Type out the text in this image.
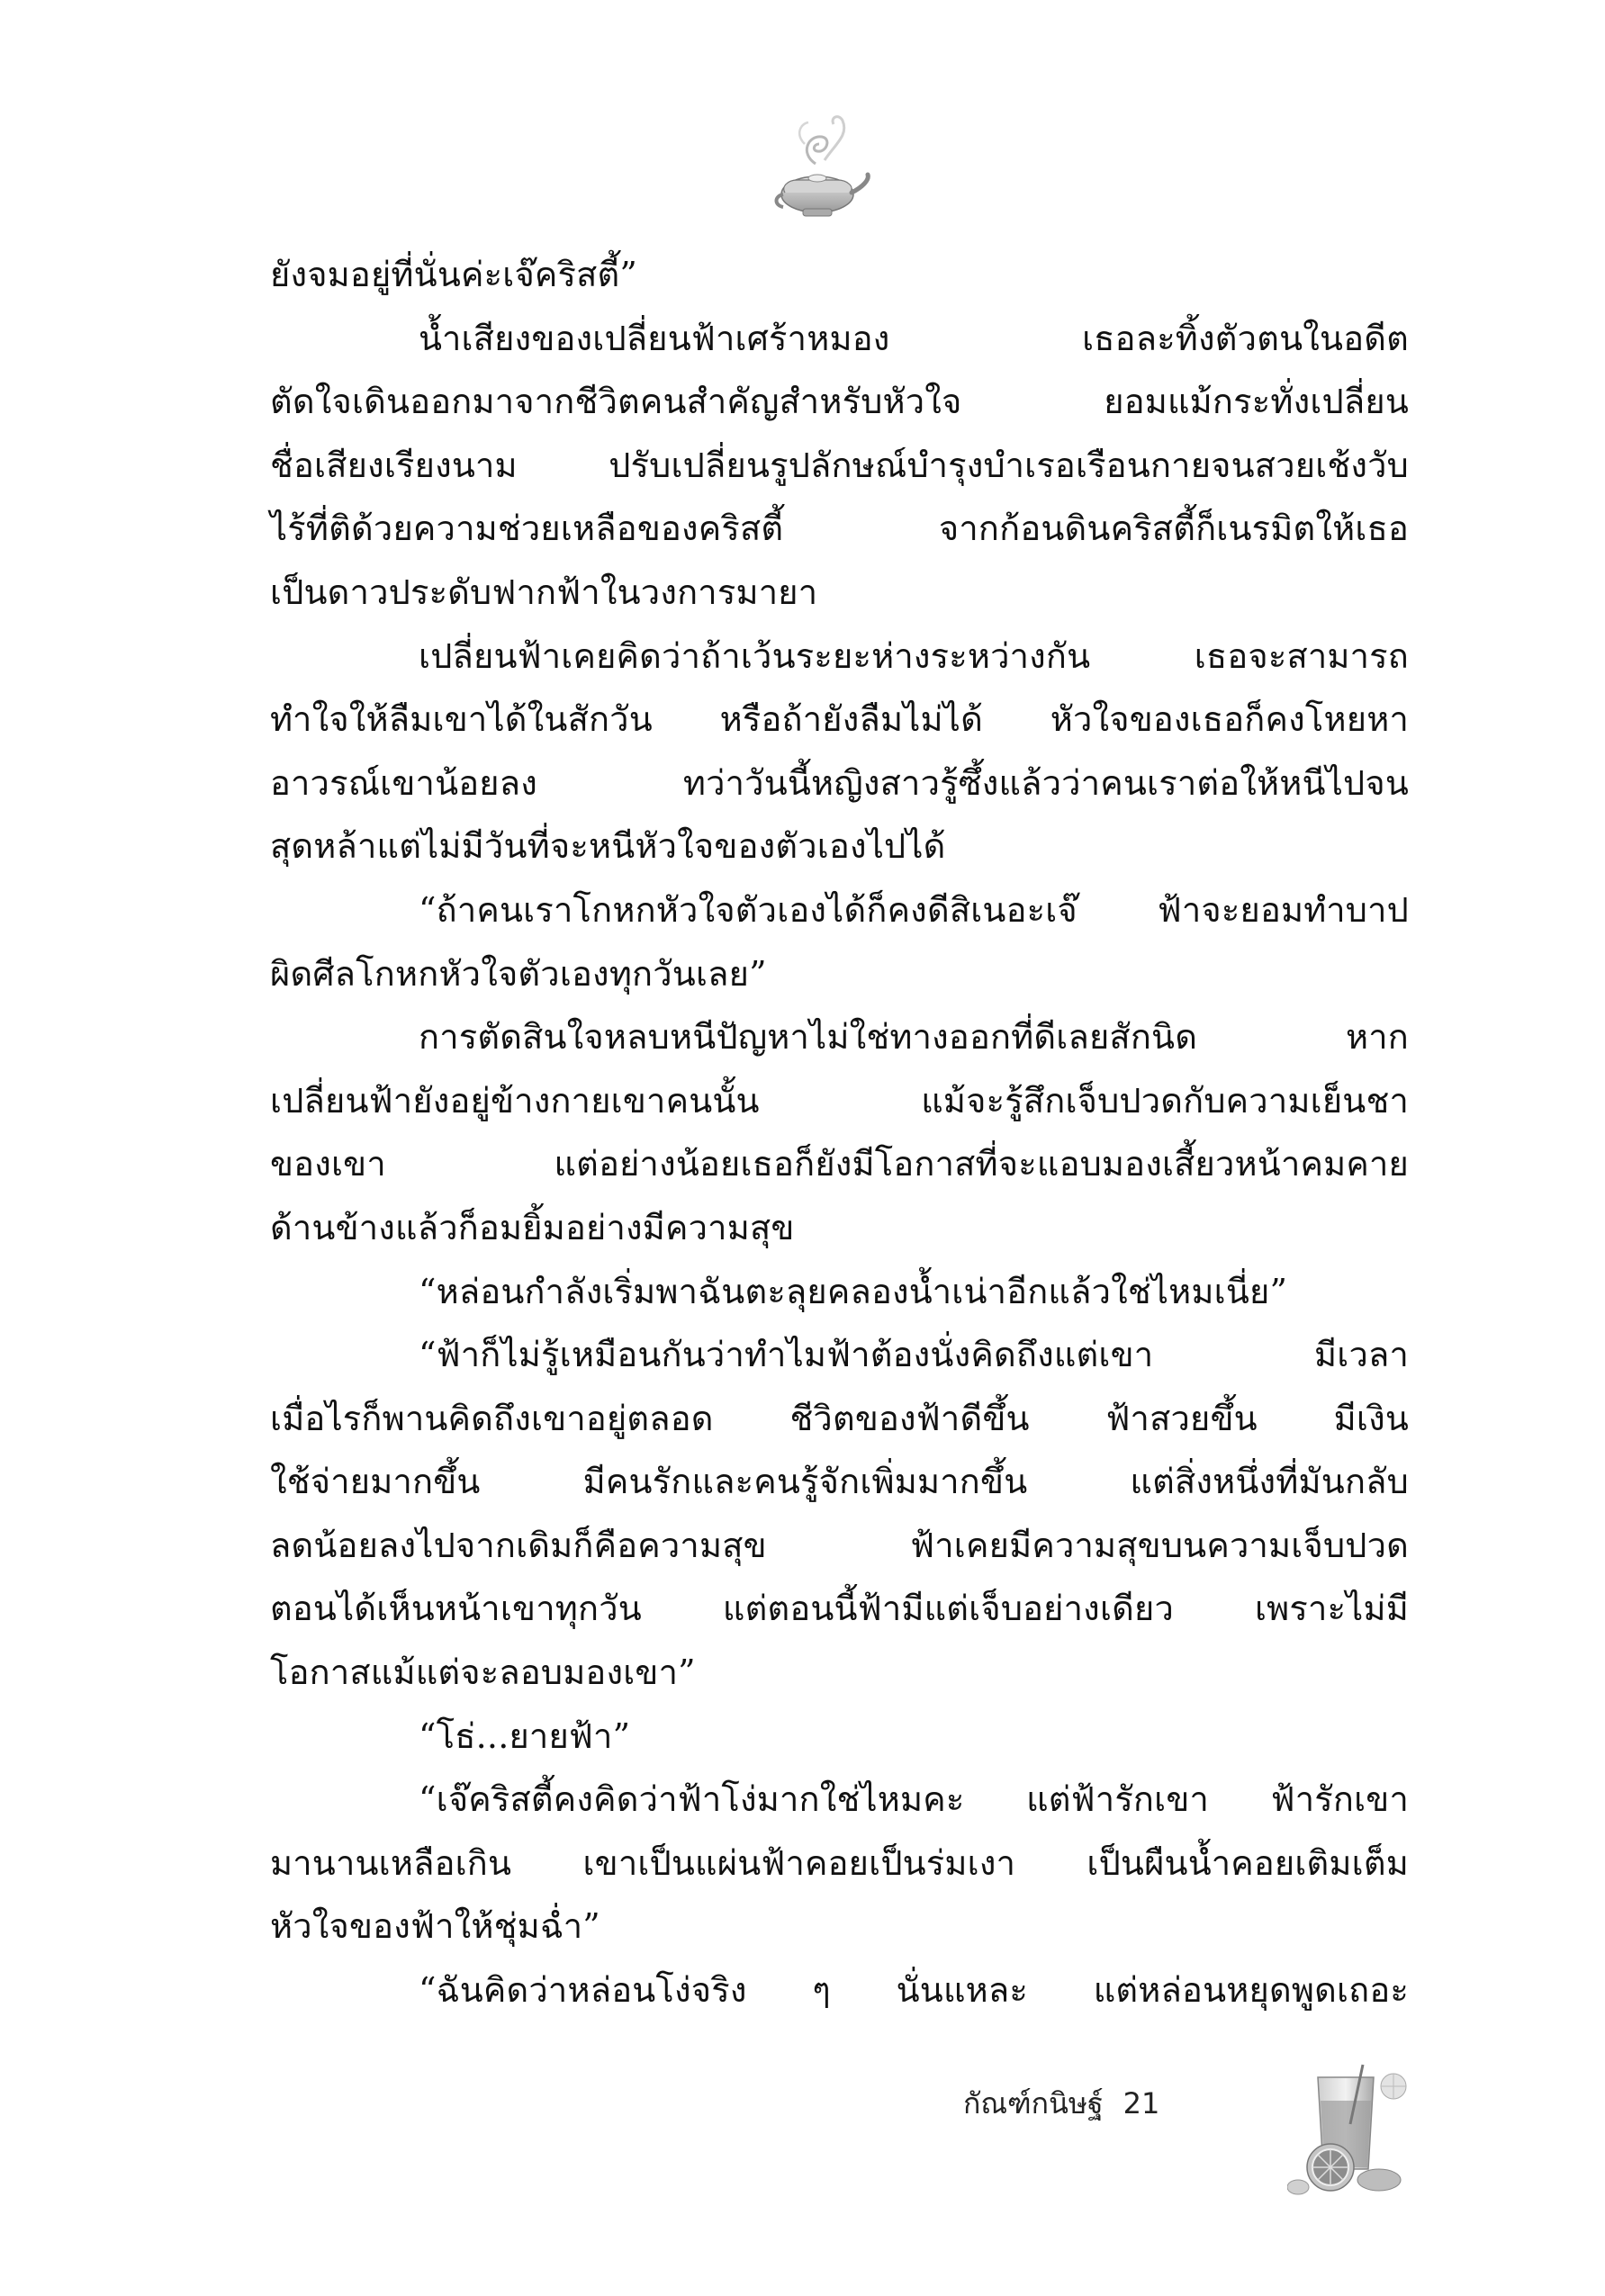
ยังจมอยู่ที่นั่นค่ะเจ๊คริสตี้”
น้ำเสียงของเปลี่ยนฟ้าเศร้าหมอง เธอละทิ้งตัวตนในอดีต
ตัดใจเดินออกมาจากชีวิตคนสำคัญสำหรับหัวใจ ยอมแม้กระทั่งเปลี่ยน
ชื่อเสียงเรียงนาม ปรับเปลี่ยนรูปลักษณ์บำรุงบำเรอเรือนกายจนสวยเช้งวับ
ไร้ที่ติด้วยความช่วยเหลือของคริสตี้ จากก้อนดินคริสตี้ก็เนรมิตให้เธอ
เป็นดาวประดับฟากฟ้าในวงการมายา
เปลี่ยนฟ้าเคยคิดว่าถ้าเว้นระยะห่างระหว่างกัน เธอจะสามารถ
ทำใจให้ลืมเขาได้ในสักวัน หรือถ้ายังลืมไม่ได้ หัวใจของเธอก็คงโหยหา
อาวรณ์เขาน้อยลง ทว่าวันนี้หญิงสาวรู้ซึ้งแล้วว่าคนเราต่อให้หนีไปจน
สุดหล้าแต่ไม่มีวันที่จะหนีหัวใจของตัวเองไปได้
“ถ้าคนเราโกหกหัวใจตัวเองได้ก็คงดีสิเนอะเจ๊ ฟ้าจะยอมทำบาป
ผิดศีลโกหกหัวใจตัวเองทุกวันเลย”
การตัดสินใจหลบหนีปัญหาไม่ใช่ทางออกที่ดีเลยสักนิด หาก
เปลี่ยนฟ้ายังอยู่ข้างกายเขาคนนั้น แม้จะรู้สึกเจ็บปวดกับความเย็นชา
ของเขา แต่อย่างน้อยเธอก็ยังมีโอกาสที่จะแอบมองเสี้ยวหน้าคมคาย
ด้านข้างแล้วก็อมยิ้มอย่างมีความสุข
“หล่อนกำลังเริ่มพาฉันตะลุยคลองน้ำเน่าอีกแล้วใช่ไหมเนี่ย”
“ฟ้าก็ไม่รู้เหมือนกันว่าทำไมฟ้าต้องนั่งคิดถึงแต่เขา มีเวลา
เมื่อไรก็พานคิดถึงเขาอยู่ตลอด ชีวิตของฟ้าดีขึ้น ฟ้าสวยขึ้น มีเงิน
ใช้จ่ายมากขึ้น มีคนรักและคนรู้จักเพิ่มมากขึ้น แต่สิ่งหนึ่งที่มันกลับ
ลดน้อยลงไปจากเดิมก็คือความสุข ฟ้าเคยมีความสุขบนความเจ็บปวด
ตอนได้เห็นหน้าเขาทุกวัน แต่ตอนนี้ฟ้ามีแต่เจ็บอย่างเดียว เพราะไม่มี
โอกาสแม้แต่จะลอบมองเขา”
“โธ่...ยายฟ้า”
“เจ๊คริสตี้คงคิดว่าฟ้าโง่มากใช่ไหมคะ แต่ฟ้ารักเขา ฟ้ารักเขา
มานานเหลือเกิน เขาเป็นแผ่นฟ้าคอยเป็นร่มเงา เป็นผืนน้ำคอยเติมเต็ม
หัวใจของฟ้าให้ชุ่มฉ่ำ”
“ฉันคิดว่าหล่อนโง่จริง ๆ นั่นแหละ แต่หล่อนหยุดพูดเถอะ
กัณฑ์กนิษฐ์ 21
